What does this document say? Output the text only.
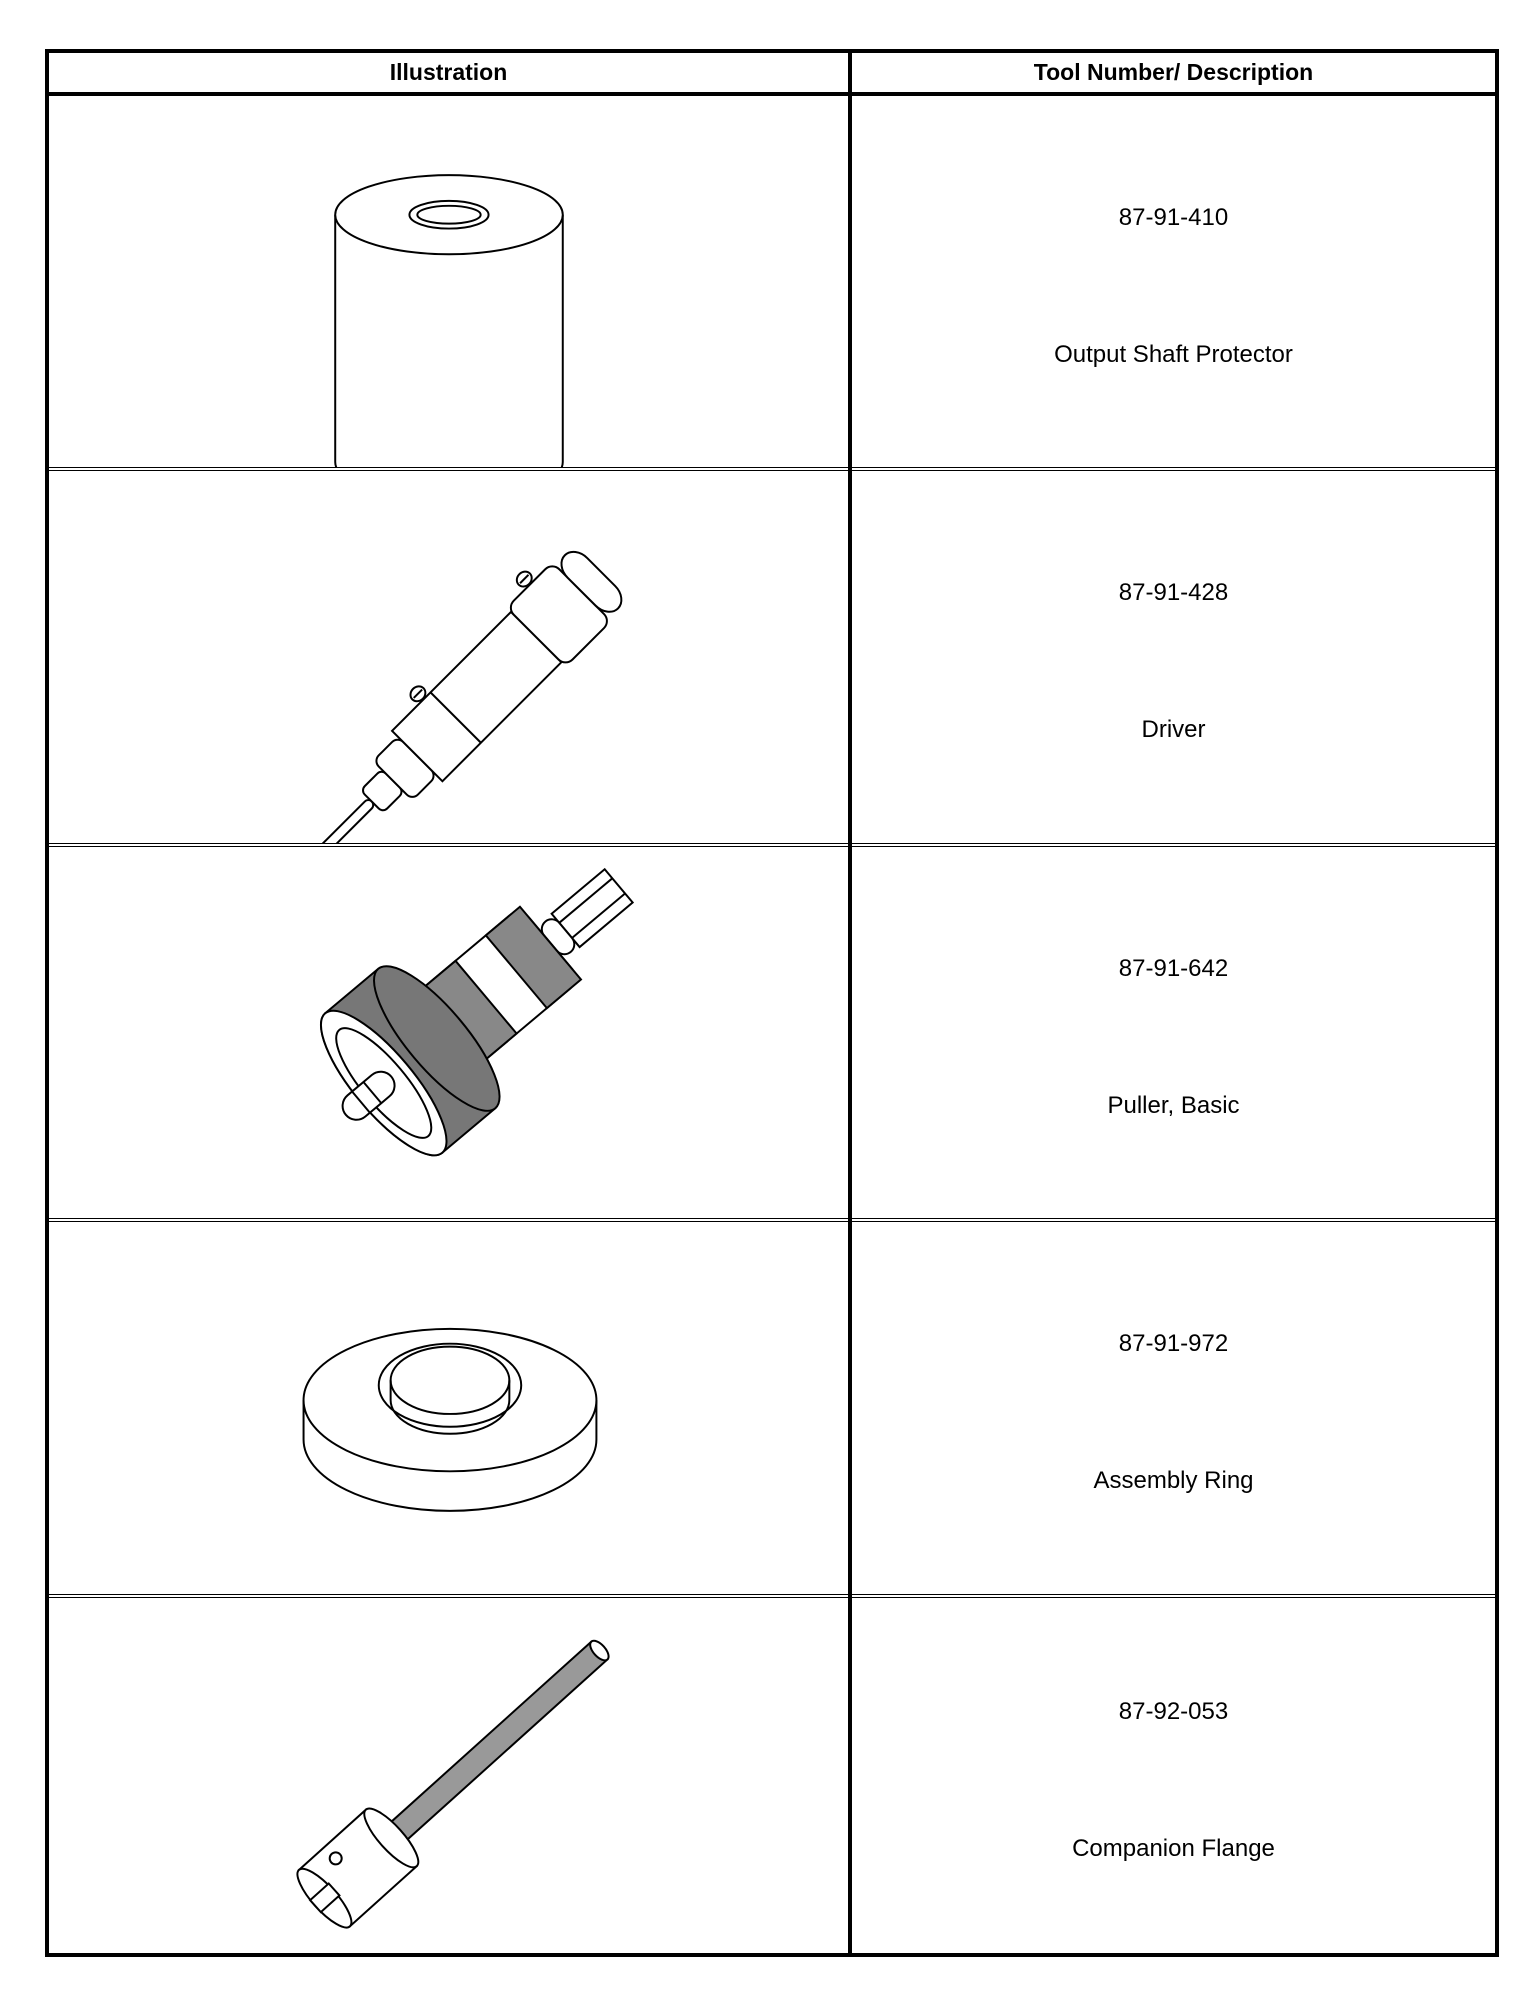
Illustration	Tool Number/ Description
87-91-410
Output Shaft Protector
87-91-428
Driver
87-91-642
Puller, Basic
87-91-972
Assembly Ring
87-92-053
Companion Flange
